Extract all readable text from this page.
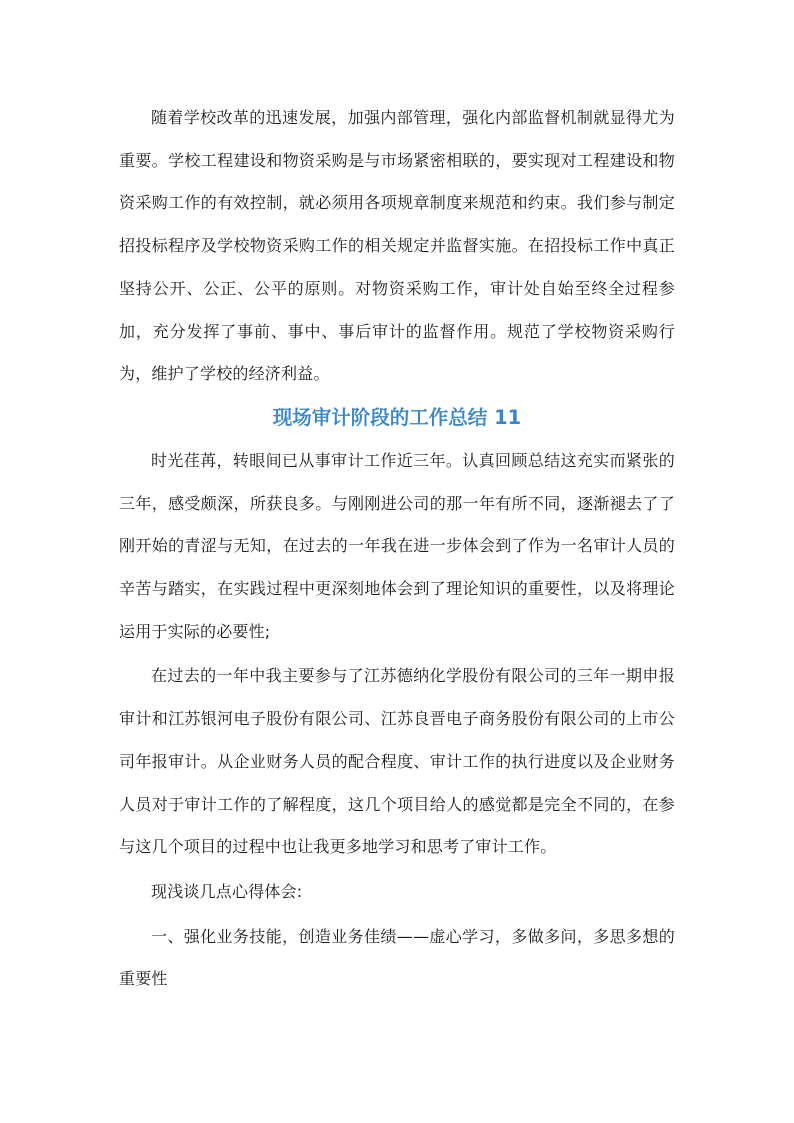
随着学校改革的迅速发展，加强内部管理，强化内部监督机制就显得尤为重要。学校工程建设和物资采购是与市场紧密相联的，要实现对工程建设和物资采购工作的有效控制，就必须用各项规章制度来规范和约束。我们参与制定招投标程序及学校物资采购工作的相关规定并监督实施。在招投标工作中真正坚持公开、公正、公平的原则。对物资采购工作，审计处自始至终全过程参加，充分发挥了事前、事中、事后审计的监督作用。规范了学校物资采购行为，维护了学校的经济利益。

现场审计阶段的工作总结 11

时光荏苒，转眼间已从事审计工作近三年。认真回顾总结这充实而紧张的三年，感受颇深，所获良多。与刚刚进公司的那一年有所不同，逐渐褪去了了刚开始的青涩与无知，在过去的一年我在进一步体会到了作为一名审计人员的辛苦与踏实，在实践过程中更深刻地体会到了理论知识的重要性，以及将理论运用于实际的必要性;

在过去的一年中我主要参与了江苏德纳化学股份有限公司的三年一期申报审计和江苏银河电子股份有限公司、江苏良晋电子商务股份有限公司的上市公司年报审计。从企业财务人员的配合程度、审计工作的执行进度以及企业财务人员对于审计工作的了解程度，这几个项目给人的感觉都是完全不同的，在参与这几个项目的过程中也让我更多地学习和思考了审计工作。

现浅谈几点心得体会:

一、强化业务技能，创造业务佳绩——虚心学习，多做多问，多思多想的重要性
